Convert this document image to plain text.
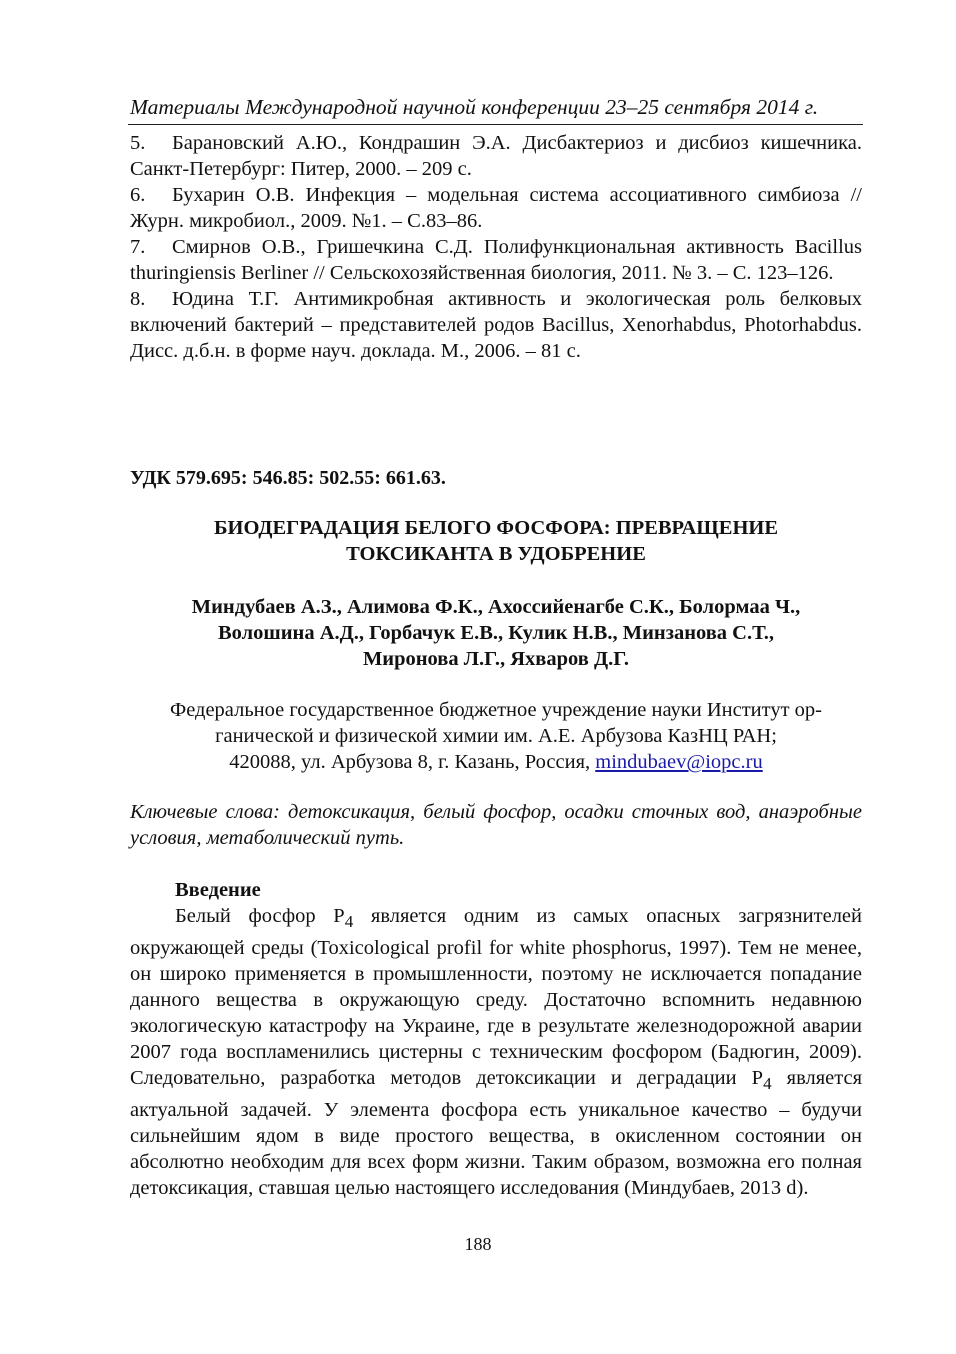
Материалы Международной научной конференции 23–25 сентября 2014 г.

5. Барановский А.Ю., Кондрашин Э.А. Дисбактериоз и дисбиоз кишечника. Санкт-Петербург: Питер, 2000. – 209 с.

6. Бухарин О.В. Инфекция – модельная система ассоциативного симбиоза // Журн. микробиол., 2009. №1. – С.83–86.

7. Смирнов О.В., Гришечкина С.Д. Полифункциональная активность Bacillus thuringiensis Berliner // Сельскохозяйственная биология, 2011. № 3. – С. 123–126.

8. Юдина Т.Г. Антимикробная активность и экологическая роль белковых включений бактерий – представителей родов Bacillus, Xenorhabdus, Photorhabdus. Дисс. д.б.н. в форме науч. доклада. М., 2006. – 81 с.

УДК 579.695: 546.85: 502.55: 661.63.
БИОДЕГРАДАЦИЯ БЕЛОГО ФОСФОРА: ПРЕВРАЩЕНИЕ
ТОКСИКАНТА В УДОБРЕНИЕ
Миндубаев А.З., Алимова Ф.К., Ахоссийенагбе С.К., Болормаа Ч.,
Волошина А.Д., Горбачук Е.В., Кулик Н.В., Минзанова С.Т.,
Миронова Л.Г., Яхваров Д.Г.
Федеральное государственное бюджетное учреждение науки Институт ор-
ганической и физической химии им. А.Е. Арбузова КазНЦ РАН;
420088, ул. Арбузова 8, г. Казань, Россия, mindubaev@iopc.ru
Ключевые слова: детоксикация, белый фосфор, осадки сточных вод, анаэробные условия, метаболический путь.
Введение
Белый фосфор $P_4$ является одним из самых опасных загрязнителей окружающей среды (Toxicological profil for white phosphorus, 1997). Тем не менее, он широко применяется в промышленности, поэтому не исключается попадание данного вещества в окружающую среду. Достаточно вспомнить недавнюю экологическую катастрофу на Украине, где в результате железнодорожной аварии 2007 года воспламенились цистерны с техническим фосфором (Бадюгин, 2009). Следовательно, разработка методов детоксикации и деградации $P_4$ является актуальной задачей. У элемента фосфора есть уникальное качество – будучи сильнейшим ядом в виде простого вещества, в окисленном состоянии он абсолютно необходим для всех форм жизни. Таким образом, возможна его полная детоксикация, ставшая целью настоящего исследования (Миндубаев, 2013 d).
188
